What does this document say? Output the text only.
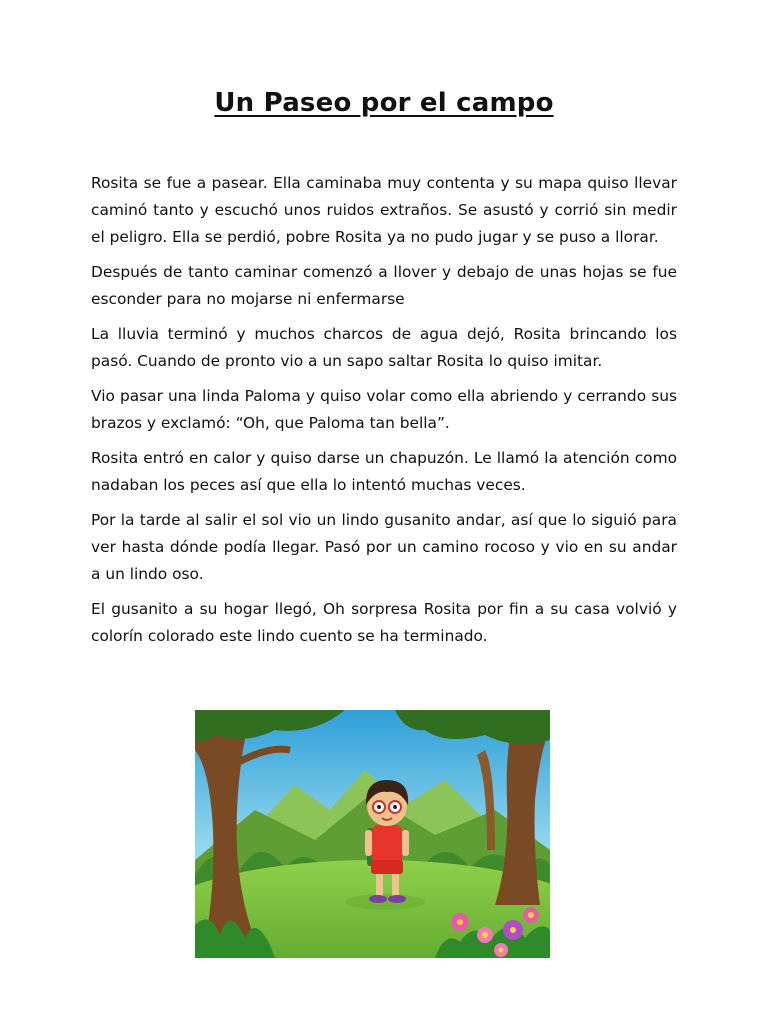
Un Paseo por el campo

Rosita se fue a pasear. Ella caminaba muy contenta y su mapa quiso llevar caminó tanto y escuchó unos ruidos extraños. Se asustó y corrió sin medir el peligro. Ella se perdió, pobre Rosita ya no pudo jugar y se puso a llorar.

Después de tanto caminar comenzó a llover y debajo de unas hojas se fue esconder para no mojarse ni enfermarse

La lluvia terminó y muchos charcos de agua dejó, Rosita brincando los pasó. Cuando de pronto vio a un sapo saltar Rosita lo quiso imitar.

Vio pasar una linda Paloma y quiso volar como ella abriendo y cerrando sus brazos y exclamó: “Oh, que Paloma tan bella”.

Rosita entró en calor y quiso darse un chapuzón. Le llamó la atención como nadaban los peces así que ella lo intentó muchas veces.

Por la tarde al salir el sol vio un lindo gusanito andar, así que lo siguió para ver hasta dónde podía llegar. Pasó por un camino rocoso y vio en su andar a un lindo oso.

El gusanito a su hogar llegó, Oh sorpresa Rosita por fin a su casa volvió y colorín colorado este lindo cuento se ha terminado.
